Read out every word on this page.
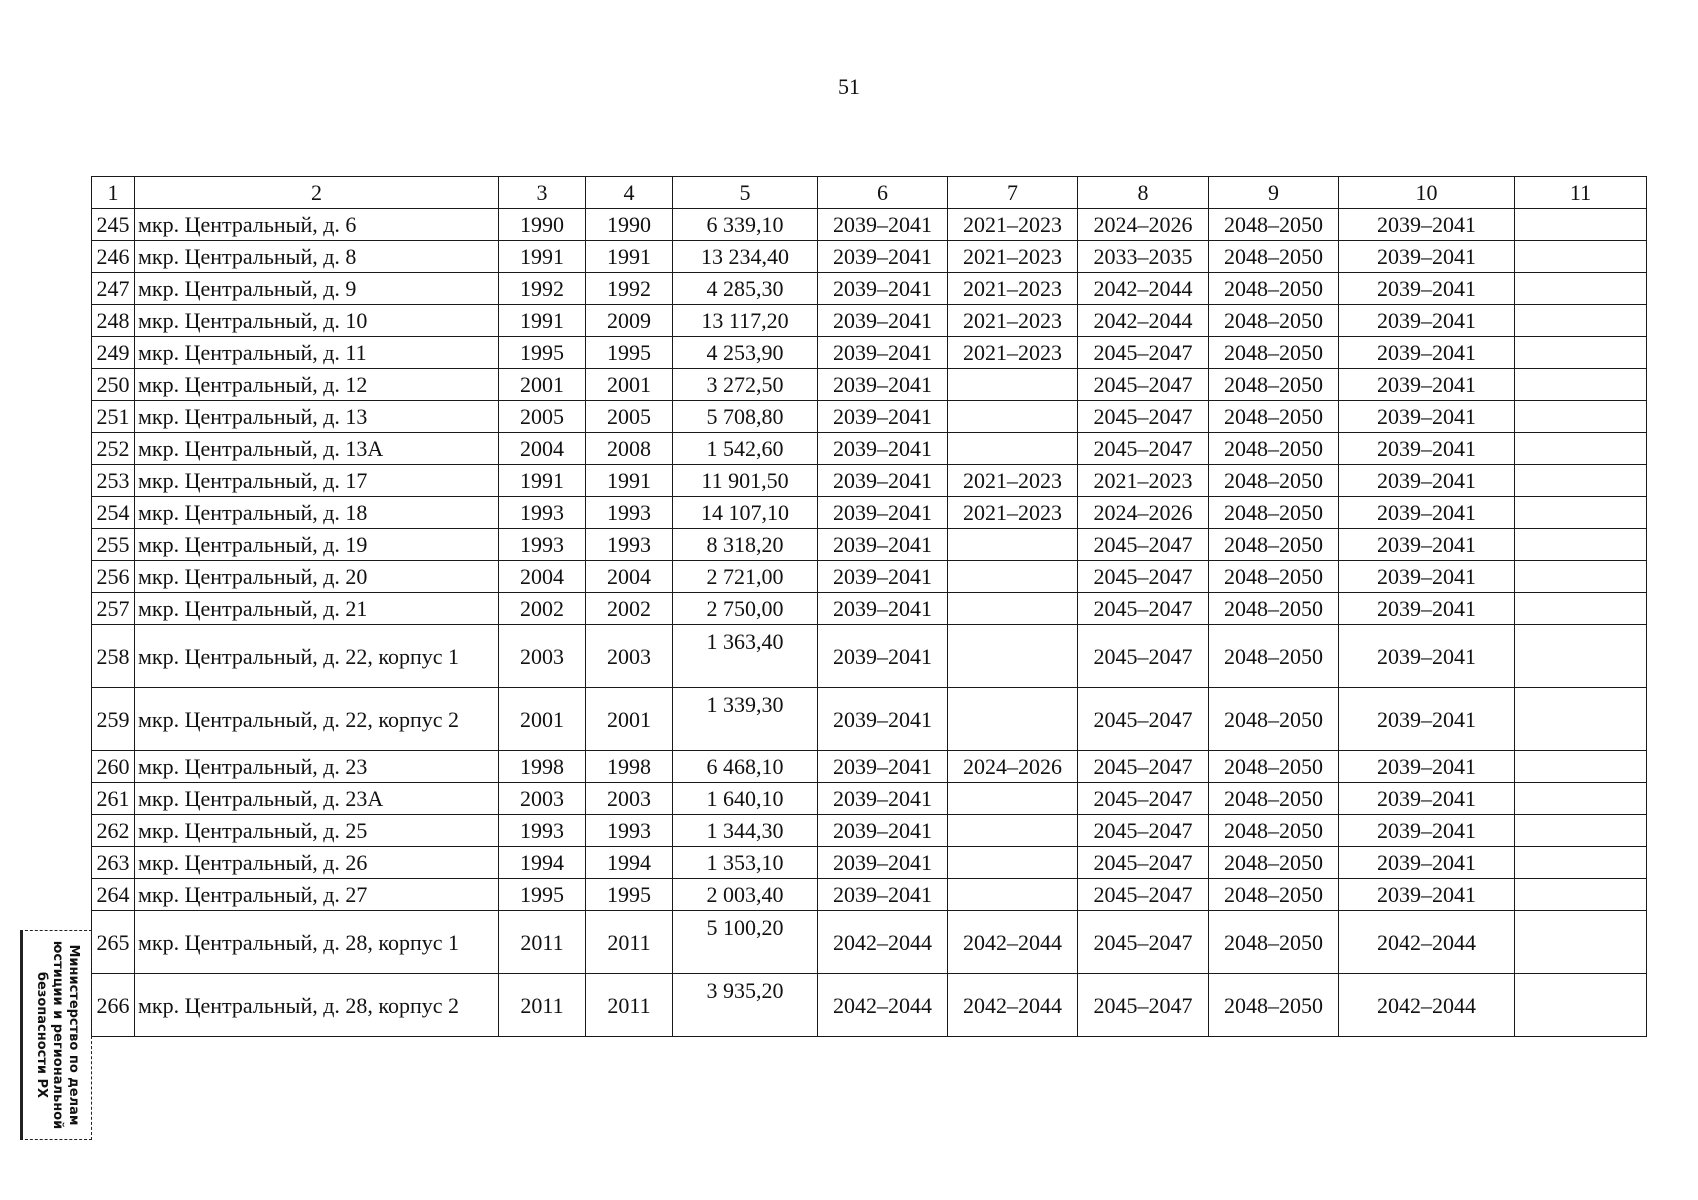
51
1	2	3	4	5	6	7	8	9	10	11
245	мкр. Центральный, д. 6	1990	1990	6 339,10	2039–2041	2021–2023	2024–2026	2048–2050	2039–2041	
246	мкр. Центральный, д. 8	1991	1991	13 234,40	2039–2041	2021–2023	2033–2035	2048–2050	2039–2041	
247	мкр. Центральный, д. 9	1992	1992	4 285,30	2039–2041	2021–2023	2042–2044	2048–2050	2039–2041	
248	мкр. Центральный, д. 10	1991	2009	13 117,20	2039–2041	2021–2023	2042–2044	2048–2050	2039–2041	
249	мкр. Центральный, д. 11	1995	1995	4 253,90	2039–2041	2021–2023	2045–2047	2048–2050	2039–2041	
250	мкр. Центральный, д. 12	2001	2001	3 272,50	2039–2041		2045–2047	2048–2050	2039–2041	
251	мкр. Центральный, д. 13	2005	2005	5 708,80	2039–2041		2045–2047	2048–2050	2039–2041	
252	мкр. Центральный, д. 13А	2004	2008	1 542,60	2039–2041		2045–2047	2048–2050	2039–2041	
253	мкр. Центральный, д. 17	1991	1991	11 901,50	2039–2041	2021–2023	2021–2023	2048–2050	2039–2041	
254	мкр. Центральный, д. 18	1993	1993	14 107,10	2039–2041	2021–2023	2024–2026	2048–2050	2039–2041	
255	мкр. Центральный, д. 19	1993	1993	8 318,20	2039–2041		2045–2047	2048–2050	2039–2041	
256	мкр. Центральный, д. 20	2004	2004	2 721,00	2039–2041		2045–2047	2048–2050	2039–2041	
257	мкр. Центральный, д. 21	2002	2002	2 750,00	2039–2041		2045–2047	2048–2050	2039–2041	
258	мкр. Центральный, д. 22, корпус 1	2003	2003	1 363,40	2039–2041		2045–2047	2048–2050	2039–2041	
259	мкр. Центральный, д. 22, корпус 2	2001	2001	1 339,30	2039–2041		2045–2047	2048–2050	2039–2041	
260	мкр. Центральный, д. 23	1998	1998	6 468,10	2039–2041	2024–2026	2045–2047	2048–2050	2039–2041	
261	мкр. Центральный, д. 23А	2003	2003	1 640,10	2039–2041		2045–2047	2048–2050	2039–2041	
262	мкр. Центральный, д. 25	1993	1993	1 344,30	2039–2041		2045–2047	2048–2050	2039–2041	
263	мкр. Центральный, д. 26	1994	1994	1 353,10	2039–2041		2045–2047	2048–2050	2039–2041	
264	мкр. Центральный, д. 27	1995	1995	2 003,40	2039–2041		2045–2047	2048–2050	2039–2041	
265	мкр. Центральный, д. 28, корпус 1	2011	2011	5 100,20	2042–2044	2042–2044	2045–2047	2048–2050	2042–2044	
266	мкр. Центральный, д. 28, корпус 2	2011	2011	3 935,20	2042–2044	2042–2044	2045–2047	2048–2050	2042–2044	
Министерство по делам
юстиции и региональной
безопасности РХ
